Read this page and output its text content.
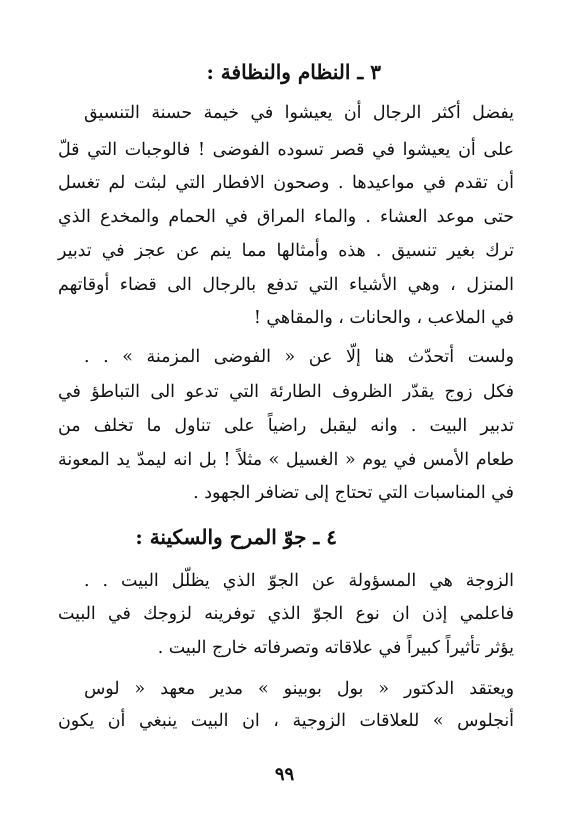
٣ ـ النظام والنظافة :
يفضل أكثر الرجال أن يعيشوا في خيمة حسنة التنسيق
على أن يعيشوا في قصر تسوده الفوضى ! فالوجبات التي قلّ
أن تقدم في مواعيدها . وصحون الافطار التي لبثت لم تغسل
حتى موعد العشاء . والماء المراق في الحمام والمخدع الذي
ترك بغير تنسيق . هذه وأمثالها مما ينم عن عجز في تدبير
المنزل ، وهي الأشياء التي تدفع بالرجال الى قضاء أوقاتهم
في الملاعب ، والحانات ، والمقاهي !
ولست أتحدّث هنا إلّا عن « الفوضى المزمنة » . .
فكل زوج يقدّر الظروف الطارئة التي تدعو الى التباطؤ في
تدبير البيت . وانه ليقبل راضياً على تناول ما تخلف من
طعام الأمس في يوم « الغسيل » مثلاً ! بل انه ليمدّ يد المعونة
في المناسبات التي تحتاج إلى تضافر الجهود .
٤ ـ جوّ المرح والسكينة :
الزوجة هي المسؤولة عن الجوّ الذي يظلّل البيت . .
فاعلمي إذن ان نوع الجوّ الذي توفرينه لزوجك في البيت
يؤثر تأثيراً كبيراً في علاقاته وتصرفاته خارج البيت .
ويعتقد الدكتور « بول بوبينو » مدير معهد « لوس
أنجلوس » للعلاقات الزوجية ، ان البيت ينبغي أن يكون
٩٩
